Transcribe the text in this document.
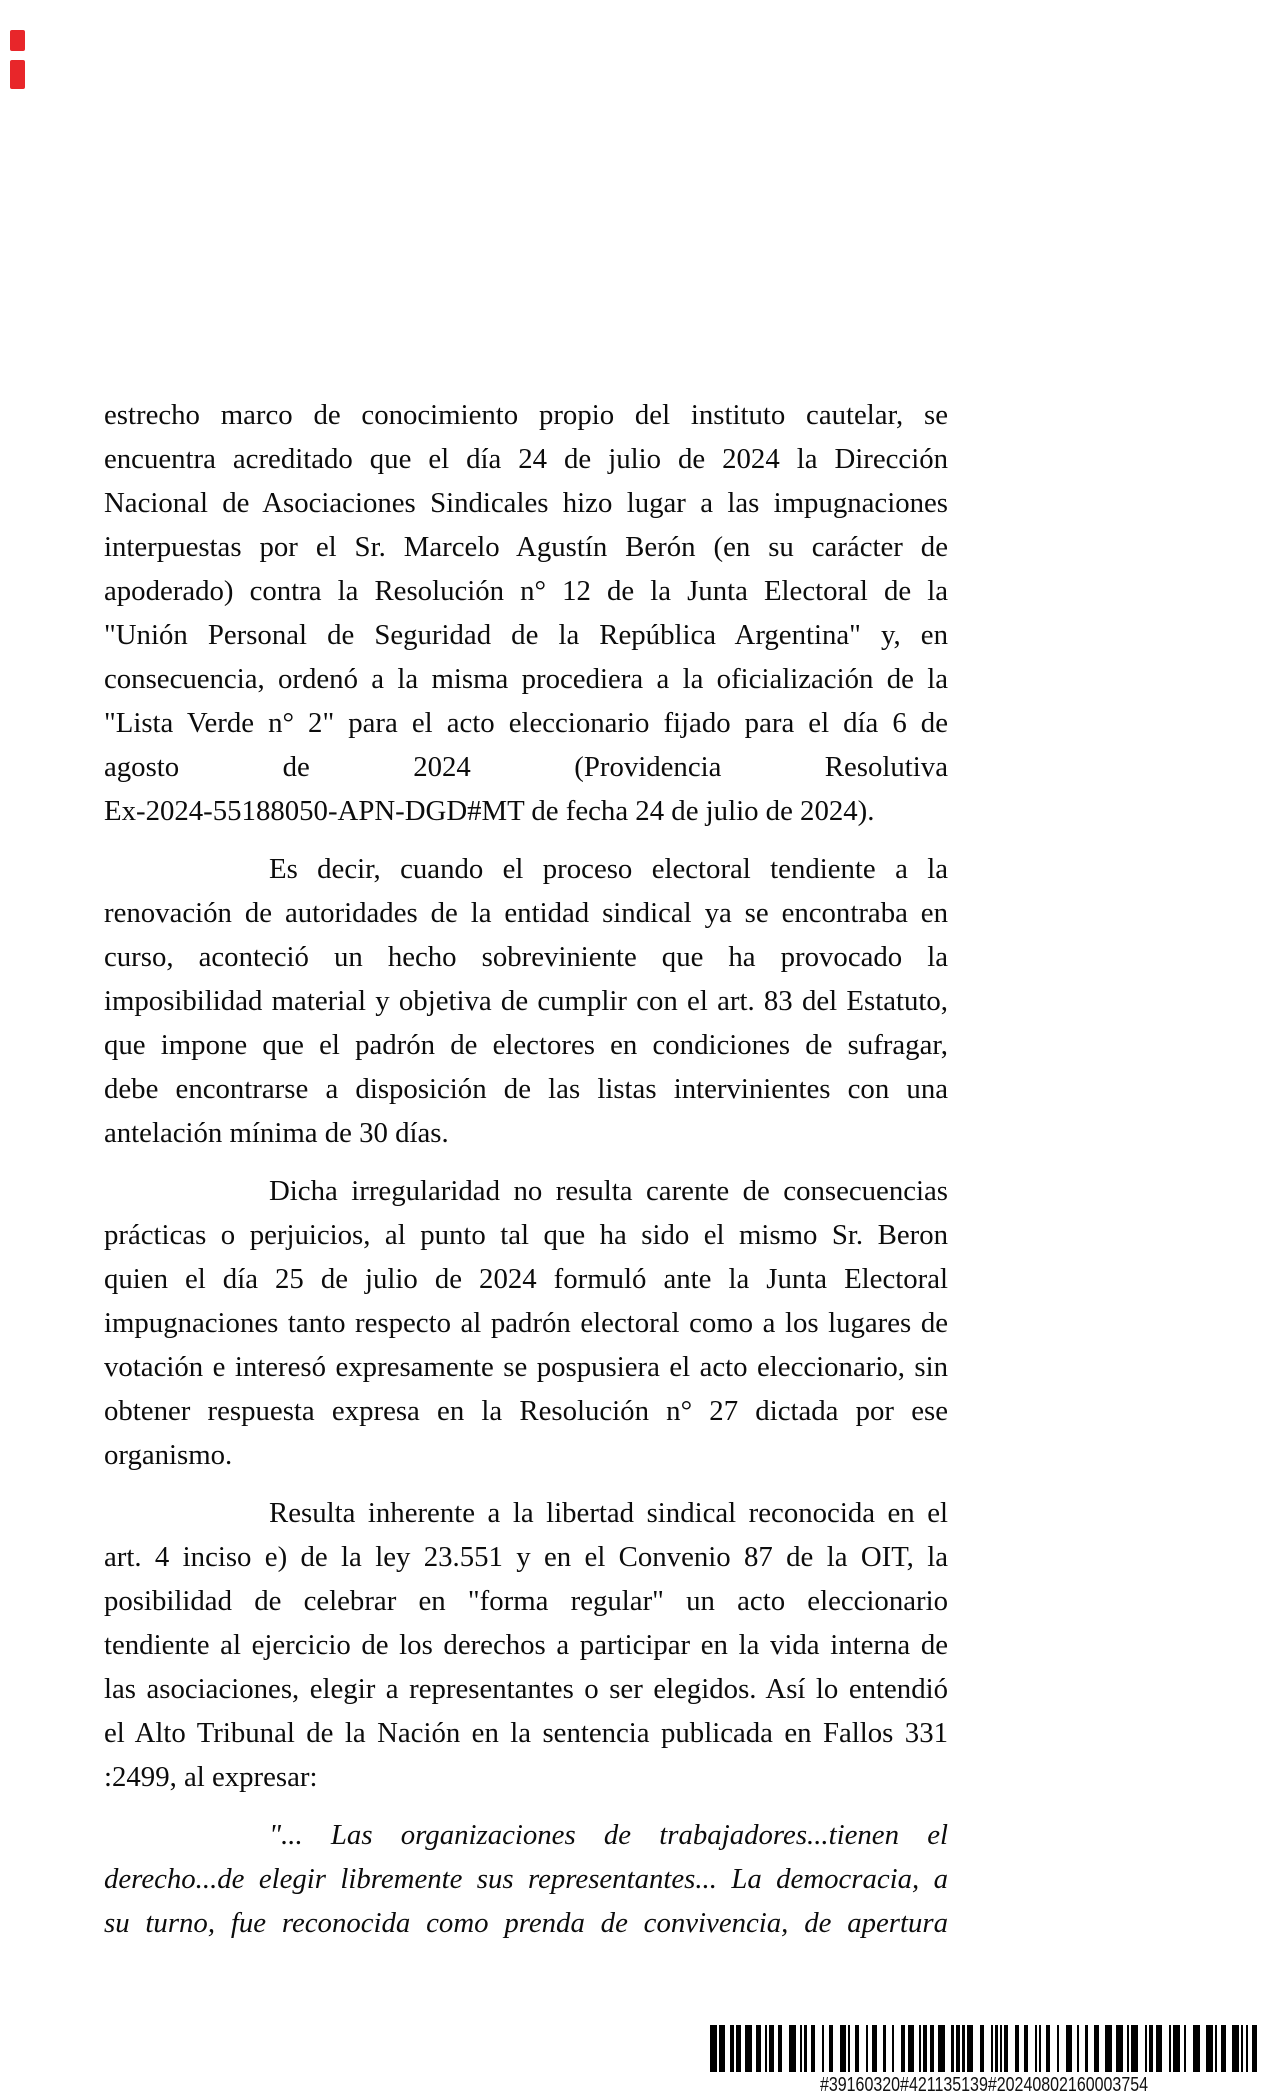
estrecho marco de conocimiento propio del instituto cautelar, se
encuentra acreditado que el día 24 de julio de 2024 la Dirección
Nacional de Asociaciones Sindicales hizo lugar a las impugnaciones
interpuestas por el Sr. Marcelo Agustín Berón (en su carácter de
apoderado) contra la Resolución n° 12 de la Junta Electoral de la
"Unión Personal de Seguridad de la República Argentina" y, en
consecuencia, ordenó a la misma procediera a la oficialización de la
"Lista Verde n° 2" para el acto eleccionario fijado para el día 6 de
agosto de 2024 (Providencia Resolutiva
Ex-2024-55188050-APN-DGD#MT de fecha 24 de julio de 2024).
Es decir, cuando el proceso electoral tendiente a la
renovación de autoridades de la entidad sindical ya se encontraba en
curso, aconteció un hecho sobreviniente que ha provocado la
imposibilidad material y objetiva de cumplir con el art. 83 del Estatuto,
que impone que el padrón de electores en condiciones de sufragar,
debe encontrarse a disposición de las listas intervinientes con una
antelación mínima de 30 días.
Dicha irregularidad no resulta carente de consecuencias
prácticas o perjuicios, al punto tal que ha sido el mismo Sr. Beron
quien el día 25 de julio de 2024 formuló ante la Junta Electoral
impugnaciones tanto respecto al padrón electoral como a los lugares de
votación e interesó expresamente se pospusiera el acto eleccionario, sin
obtener respuesta expresa en la Resolución n° 27 dictada por ese
organismo.
Resulta inherente a la libertad sindical reconocida en el
art. 4 inciso e) de la ley 23.551 y en el Convenio 87 de la OIT, la
posibilidad de celebrar en "forma regular" un acto eleccionario
tendiente al ejercicio de los derechos a participar en la vida interna de
las asociaciones, elegir a representantes o ser elegidos. Así lo entendió
el Alto Tribunal de la Nación en la sentencia publicada en Fallos 331
:2499, al expresar:
"... Las organizaciones de trabajadores...tienen el
derecho...de elegir libremente sus representantes... La democracia, a
su turno, fue reconocida como prenda de convivencia, de apertura
#39160320#421135139#20240802160003754
